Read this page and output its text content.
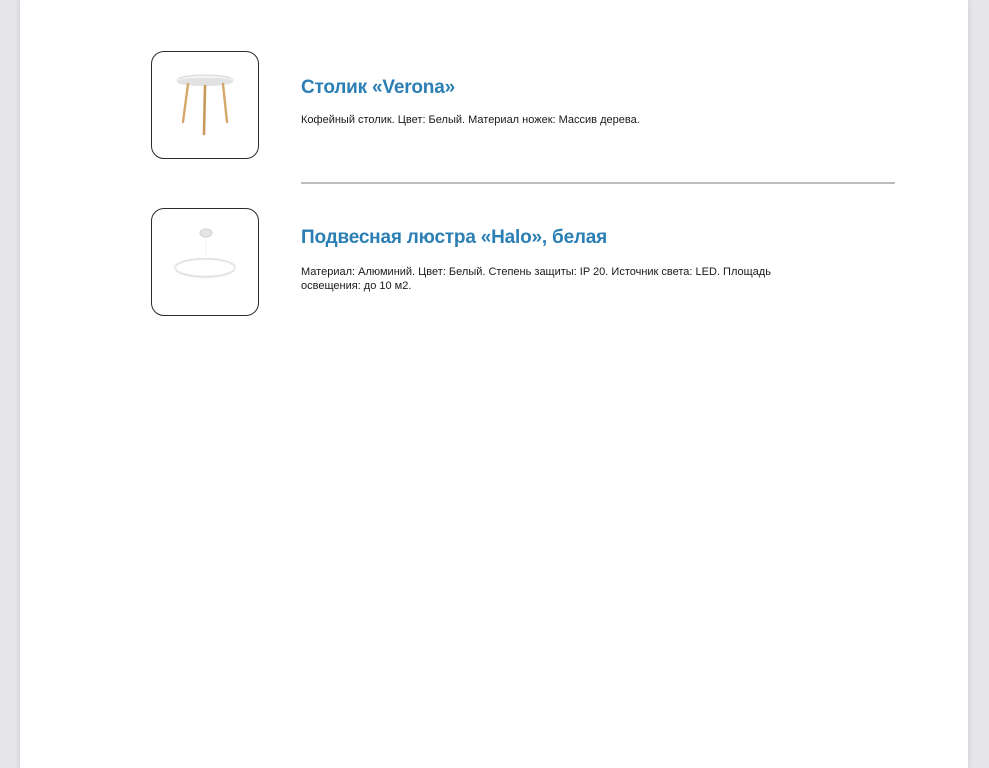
Столик «Verona»

Кофейный столик. Цвет: Белый. Материал ножек: Массив дерева.

Подвесная люстра «Halo», белая

Материал: Алюминий. Цвет: Белый. Степень защиты: IP 20. Источник света: LED. Площадь освещения: до 10 м2.
